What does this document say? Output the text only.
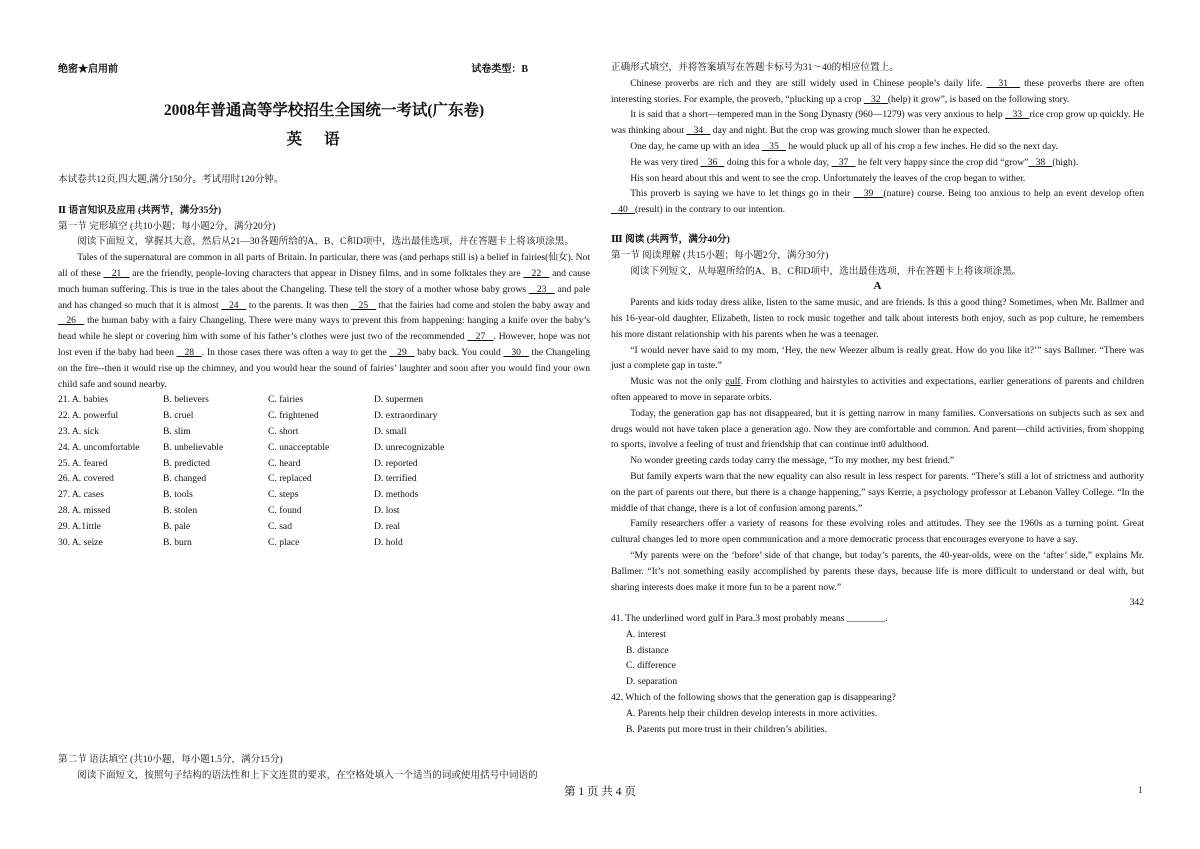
绝密★启用前	试卷类型：B
2008年普通高等学校招生全国统一考试(广东卷)
英语

本试卷共12页,四大题,满分150分。考试用时120分钟。

Ⅱ 语言知识及应用 (共两节，满分35分)

第一节 完形填空 (共10小题；每小题2分，满分20分)

阅读下面短文，掌握其大意，然后从21—30各题所给的A、B、C和D项中，选出最佳选项，并在答题卡上将该项涂黑。

Tales of the supernatural are common in all parts of Britain. In particular, there was (and perhaps still is) a belief in fairies(仙女). Not all of these    21    are the friendly, people-loving characters that appear in Disney films, and in some folktales they are    22    and cause much human suffering. This is true in the tales about the Changeling. These tell the story of a mother whose baby grows    23    and pale and has changed so much that it is almost    24    to the parents. It was then    25    that the fairies had come and stolen the baby away and    26    the human baby with a fairy Changeling. There were many ways to prevent this from happening: hanging a knife over the baby’s head while he slept or covering him with some of his father’s clothes were just two of the recommended    27   . However, hope was not lost even if the baby had been    28   . In those cases there was often a way to get the    29    baby back. You could    30    the Changeling on the fire--then it would rise up the chimney, and you would hear the sound of fairies’ laughter and soon after you would find your own child safe and sound nearby.

21. A. babies	B. believers	C. fairies	D. supermen
22. A. powerful	B. cruel	C. frightened	D. extraordinary
23. A. sick	B. slim	C. short	D. small
24. A. uncomfortable	B. unbelievable	C. unacceptable	D. unrecognizable
25. A. feared	B. predicted	C. heard	D. reported
26. A. covered	B. changed	C. replaced	D. terrified
27. A. cases	B. tools	C. steps	D. methods
28. A. missed	B. stolen	C. found	D. lost
29. A.1ittle	B. pale	C. sad	D. real
30. A. seize	B. burn	C. place	D. hold

第二节 语法填空 (共10小题，每小题1.5分，满分15分)

阅读下面短文，按照句子结构的语法性和上下文连贯的要求，在空格处填入一个适当的词或使用括号中词语的

正确形式填空，并将答案填写在答题卡标号为31～40的相应位置上。

Chinese proverbs are rich and they are still widely used in Chinese people’s daily life.    31    these proverbs there are often interesting stories. For example, the proverb, “plucking up a crop    32   (help) it grow”, is based on the following story.

It is said that a short—tempered man in the Song Dynasty (960—1279) was very anxious to help    33   rice crop grow up quickly. He was thinking about    34    day and night. But the crop was growing much slower than he expected.

One day, he came up with an idea    35    he would pluck up all of his crop a few inches. He did so the next day.

He was very tired    36    doing this for a whole day,    37    he felt very happy since the crop did “grow”   38   (high).

His son heard about this and went to see the crop. Unfortunately the leaves of the crop began to wither.

This proverb is saying we have to let things go in their    39   (nature) course. Being too anxious to help an event develop often    40   (result) in the contrary to our intention.

Ⅲ 阅读 (共两节，满分40分)

第一节 阅读理解 (共15小题；每小题2分，满分30分)

阅读下列短文，从每题所给的A、B、C和D项中，选出最佳选项，并在答题卡上将该项涂黑。

A

Parents and kids today dress alike, listen to the same music, and are friends. Is this a good thing? Sometimes, when Mr. Ballmer and his 16-year-old daughter, Elizabeth, listen to rock music together and talk about interests both enjoy, such as pop culture, he remembers his more distant relationship with his parents when he was a teenager.

“I would never have said to my mom, ‘Hey, the new Weezer album is really great. How do you like it?’” says Ballmer. “There was just a complete gap in taste.”

Music was not the only gulf. From clothing and hairstyles to activities and expectations, earlier generations of parents and children often appeared to move in separate orbits.

Today, the generation gap has not disappeared, but it is getting narrow in many families. Conversations on subjects such as sex and drugs would not have taken place a generation ago. Now they are comfortable and common. And parent—child activities, from shopping to sports, involve a feeling of trust and friendship that can continue int0 adulthood.

No wonder greeting cards today carry the message, “To my mother, my best friend.”

But family experts warn that the new equality can also result in less respect for parents. “There’s still a lot of strictness and authority on the part of parents out there, but there is a change happening,” says Kerrie, a psychology professor at Lebanon Valley College. “In the middle of that change, there is a lot of confusion among parents.”

Family researchers offer a variety of reasons for these evolving roles and attitudes. They see the 1960s as a turning point. Great cultural changes led to more open communication and a more democratic process that encourages everyone to have a say.

“My parents were on the ‘before’ side of that change, but today’s parents, the 40-year-olds, were on the ‘after’ side,” explains Mr. Ballmer. “It’s not something easily accomplished by parents these days, because life is more difficult to understand or deal with, but sharing interests does make it more fun to be a parent now.”

342

41. The underlined word gulf in Para.3 most probably means ________.

A. interest

B. distance

C. difference

D. separation

42. Which of the following shows that the generation gap is disappearing?

A. Parents help their children develop interests in more activities.

B. Parents put more trust in their children’s abilities.

第 1 页 共 4 页	1
